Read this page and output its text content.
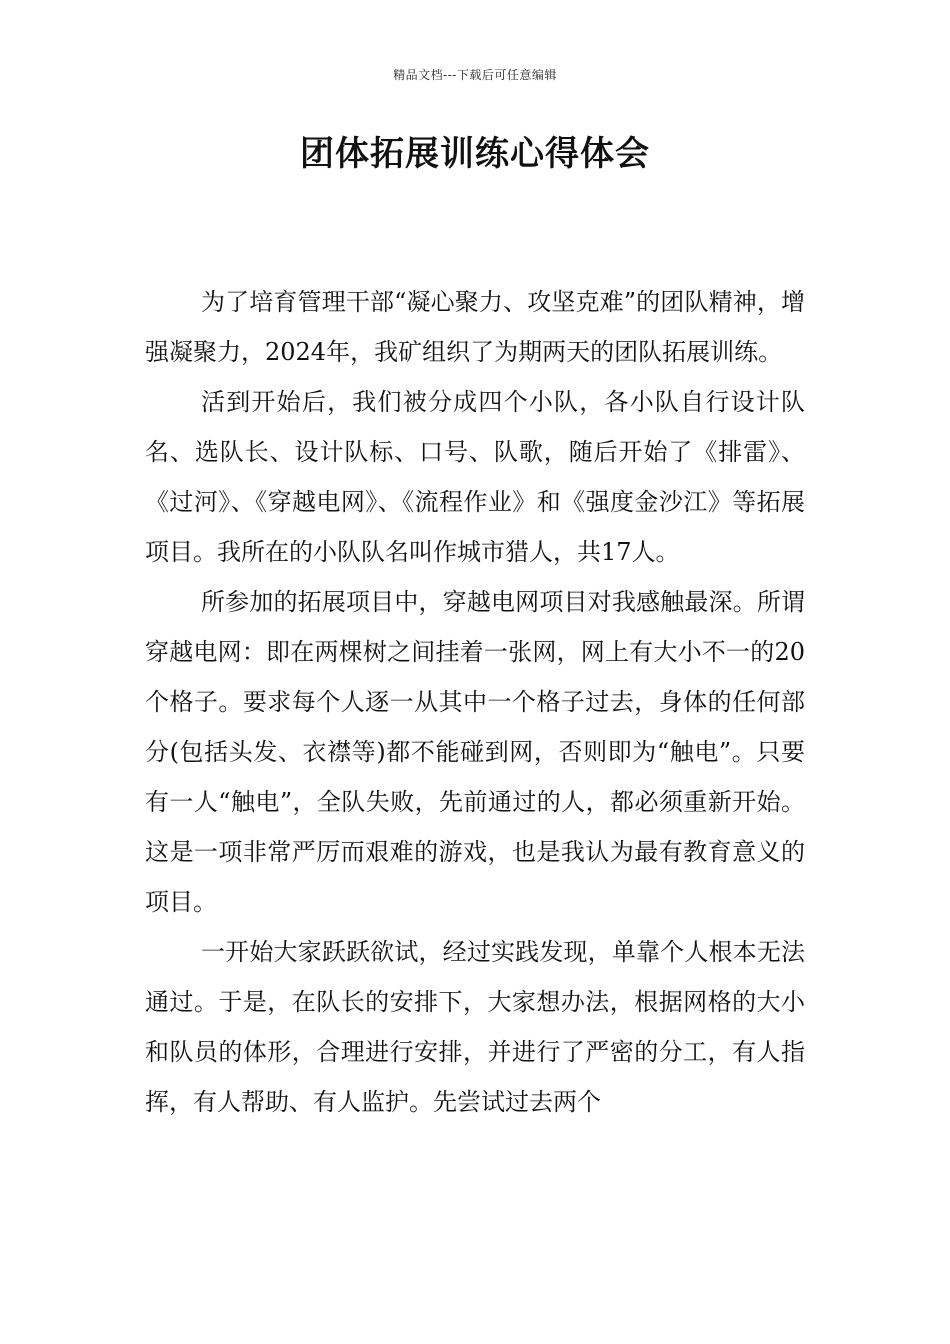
精品文档---下载后可任意编辑
团体拓展训练心得体会

为了培育管理干部“凝心聚力、攻坚克难”的团队精神，增强凝聚力，2024年，我矿组织了为期两天的团队拓展训练。

活到开始后，我们被分成四个小队，各小队自行设计队名、选队长、设计队标、口号、队歌，随后开始了《排雷》、《过河》、《穿越电网》、《流程作业》和《强度金沙江》等拓展项目。我所在的小队队名叫作城市猎人，共17人。

所参加的拓展项目中，穿越电网项目对我感触最深。所谓穿越电网：即在两棵树之间挂着一张网，网上有大小不一的20个格子。要求每个人逐一从其中一个格子过去，身体的任何部分(包括头发、衣襟等)都不能碰到网，否则即为“触电”。只要有一人“触电”，全队失败，先前通过的人，都必须重新开始。这是一项非常严厉而艰难的游戏，也是我认为最有教育意义的项目。

一开始大家跃跃欲试，经过实践发现，单靠个人根本无法通过。于是，在队长的安排下，大家想办法，根据网格的大小和队员的体形，合理进行安排，并进行了严密的分工，有人指挥，有人帮助、有人监护。先尝试过去两个
